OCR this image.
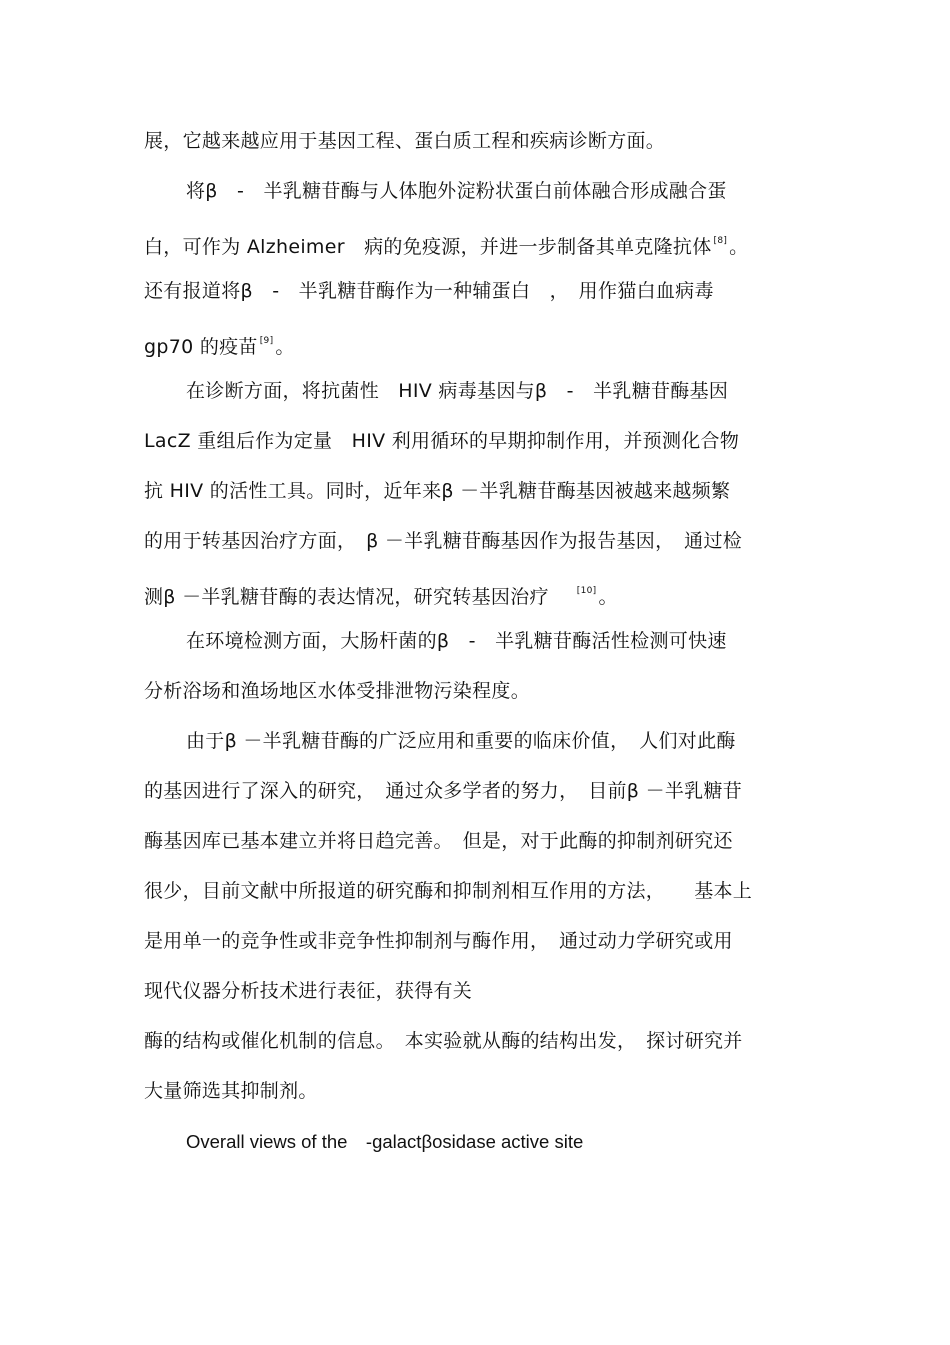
展，它越来越应用于基因工程、蛋白质工程和疾病诊断方面。
将β　-　半乳糖苷酶与人体胞外淀粉状蛋白前体融合形成融合蛋
白，可作为 Alzheimer　病的免疫源，并进一步制备其单克隆抗体 [8] 。
还有报道将β　-　半乳糖苷酶作为一种辅蛋白　，　用作猫白血病毒
gp70 的疫苗 [9] 。
在诊断方面，将抗菌性　HIV 病毒基因与β　-　半乳糖苷酶基因
LacZ 重组后作为定量　HIV 利用循环的早期抑制作用，并预测化合物
抗 HIV 的活性工具。同时，近年来β －半乳糖苷酶基因被越来越频繁
的用于转基因治疗方面，　β －半乳糖苷酶基因作为报告基因，　通过检
测β －半乳糖苷酶的表达情况，研究转基因治疗	[10] 。
在环境检测方面，大肠杆菌的β　-　半乳糖苷酶活性检测可快速
分析浴场和渔场地区水体受排泄物污染程度。
由于β －半乳糖苷酶的广泛应用和重要的临床价值，　人们对此酶
的基因进行了深入的研究，　通过众多学者的努力，　目前β －半乳糖苷
酶基因库已基本建立并将日趋完善。　但是，对于此酶的抑制剂研究还
很少，目前文献中所报道的研究酶和抑制剂相互作用的方法，　　基本上
是用单一的竞争性或非竞争性抑制剂与酶作用，　通过动力学研究或用
现代仪器分析技术进行表征，获得有关
酶的结构或催化机制的信息。　本实验就从酶的结构出发，　探讨研究并
大量筛选其抑制剂。
Overall views of the　-galactβosidase active site
